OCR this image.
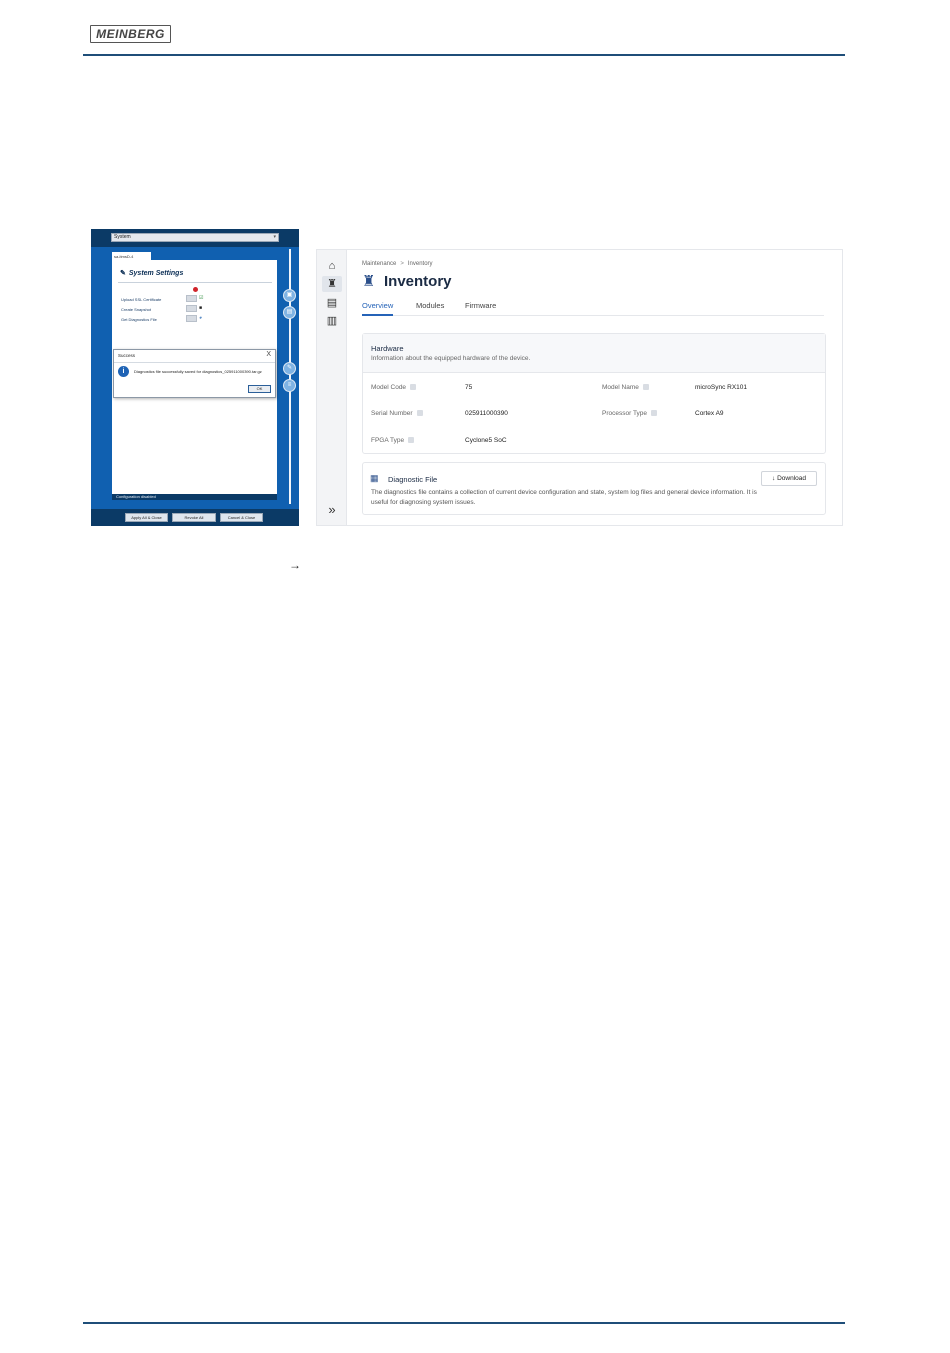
MEINBERG
System	▾
sa-itmsD-4
✎ System Settings
Upload SSL Certificate	☑
Create Snapshot	■
Get Diagnostics File	◕
Configuration disabled
▣
▤
✎
≡
Apply All & Close	Revoke All	Cancel & Close
Success	X
i	Diagnostics file successfully saved for diagnostics_025911000390.tar.gz
OK
⌂
♜
▤
▥
»
Maintenance > Inventory
♜ Inventory
Overview	Modules	Firmware
Hardware
Information about the equipped hardware of the device.
Model Code	75	Model Name	microSync RX101
Serial Number	025911000390	Processor Type	Cortex A9
FPGA Type	Cyclone5 SoC
▦ Diagnostic File
The diagnostics file contains a collection of current device configuration and state, system log files and general device information. It is useful for diagnosing system issues.
↓ Download
→
